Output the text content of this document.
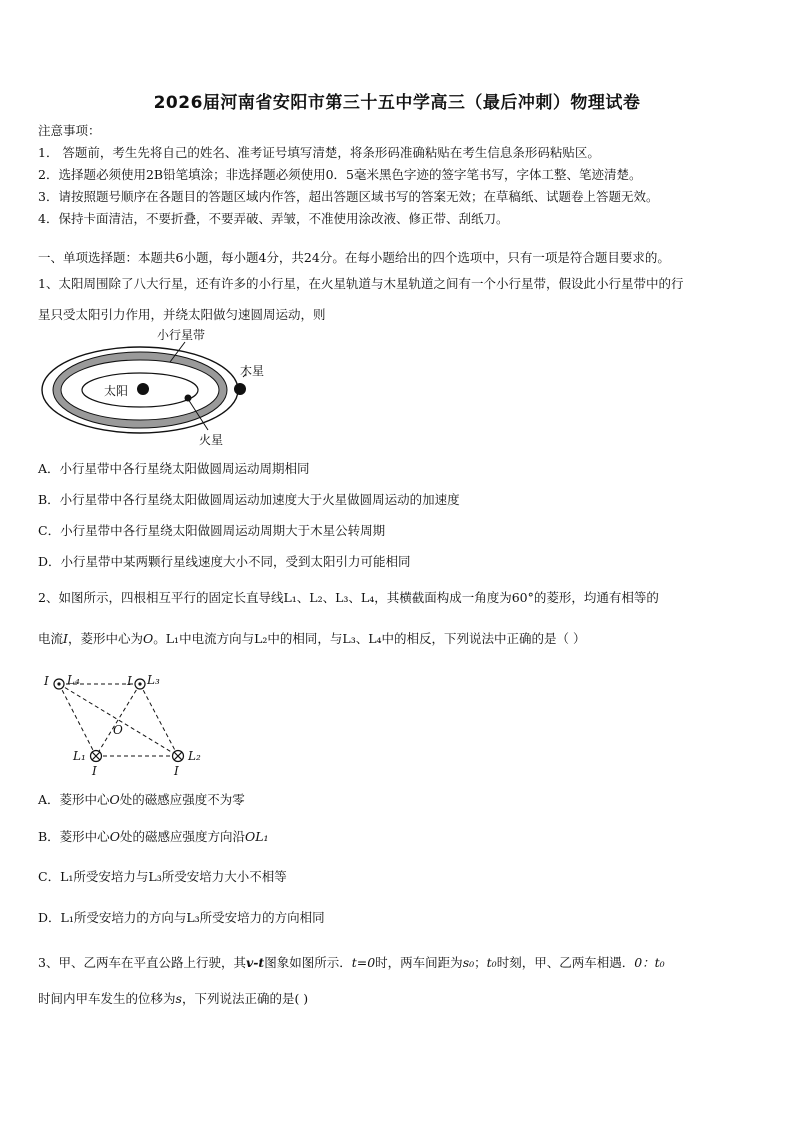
2026届河南省安阳市第三十五中学高三（最后冲刺）物理试卷
注意事项：
1． 答题前，考生先将自己的姓名、准考证号填写清楚，将条形码准确粘贴在考生信息条形码粘贴区。
2．选择题必须使用2B铅笔填涂；非选择题必须使用0．5毫米黑色字迹的签字笔书写，字体工整、笔迹清楚。
3．请按照题号顺序在各题目的答题区域内作答，超出答题区域书写的答案无效；在草稿纸、试题卷上答题无效。
4．保持卡面清洁，不要折叠，不要弄破、弄皱，不准使用涂改液、修正带、刮纸刀。
一、单项选择题：本题共6小题，每小题4分，共24分。在每小题给出的四个选项中，只有一项是符合题目要求的。
1、太阳周围除了八大行星，还有许多的小行星，在火星轨道与木星轨道之间有一个小行星带，假设此小行星带中的行
星只受太阳引力作用，并绕太阳做匀速圆周运动，则
小行星带
木星
太阳
火星
A．小行星带中各行星绕太阳做圆周运动周期相同
B．小行星带中各行星绕太阳做圆周运动加速度大于火星做圆周运动的加速度
C．小行星带中各行星绕太阳做圆周运动周期大于木星公转周期
D．小行星带中某两颗行星线速度大小不同，受到太阳引力可能相同
2、如图所示，四根相互平行的固定长直导线L₁、L₂、L₃、L₄，其横截面构成一角度为60°的菱形，均通有相等的
电流I，菱形中心为O。L₁中电流方向与L₂中的相同，与L₃、L₄中的相反，下列说法中正确的是（ ）
I L₄	I L₃
O
L₁	L₂
I	I
A．菱形中心O处的磁感应强度不为零
B．菱形中心O处的磁感应强度方向沿OL₁
C．L₁所受安培力与L₃所受安培力大小不相等
D．L₁所受安培力的方向与L₃所受安培力的方向相同
3、甲、乙两车在平直公路上行驶，其v-t图象如图所示．t=0时，两车间距为s₀；t₀时刻，甲、乙两车相遇．0：t₀
时间内甲车发生的位移为s，下列说法正确的是( )
